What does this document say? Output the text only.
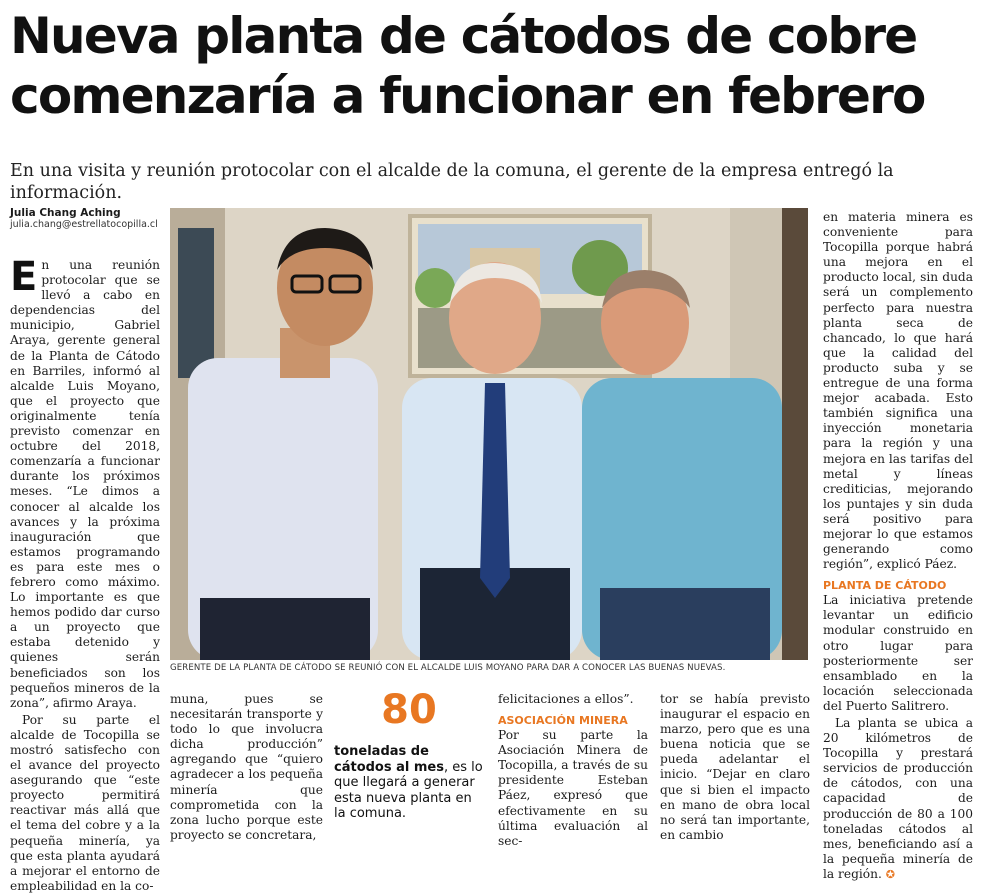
Nueva planta de cátodos de cobre
comenzaría a funcionar en febrero
En una visita y reunión protocolar con el alcalde de la comuna, el gerente de la empresa entregó la información.
Julia Chang Aching
julia.chang@estrellatocopilla.cl

En una reunión protocolar que se llevó a cabo en dependencias del municipio, Gabriel Araya, gerente general de la Planta de Cátodo en Barriles, informó al alcalde Luis Moyano, que el proyecto que originalmente tenía previsto comenzar en octubre del 2018, comenzaría a funcionar durante los próximos meses. “Le dimos a conocer al alcalde los avances y la próxima inauguración que estamos programando es para este mes o febrero como máximo. Lo importante es que hemos podido dar curso a un proyecto que estaba detenido y quienes serán beneficiados son los pequeños mineros de la zona”, afirmo Araya.

Por su parte el alcalde de Tocopilla se mostró satisfecho con el avance del proyecto asegurando que “este proyecto permitirá reactivar más allá que el tema del cobre y a la pequeña minería, ya que esta planta ayudará a mejorar el entorno de empleabilidad en la co-

GERENTE DE LA PLANTA DE CÁTODO SE REUNIÓ CON EL ALCALDE LUIS MOYANO PARA DAR A CONOCER LAS BUENAS NUEVAS.

muna, pues se necesitarán transporte y todo lo que involucra dicha producción” agregando que “quiero agradecer a los pequeña minería que comprometida con la zona lucho porque este proyecto se concretara,

80
toneladas de cátodos al mes, es lo que llegará a generar esta nueva planta en la comuna.

felicitaciones a ellos”.

ASOCIACIÓN MINERA

Por su parte la Asociación Minera de Tocopilla, a través de su presidente Esteban Páez, expresó que efectivamente en su última evaluación al sec-

tor se había previsto inaugurar el espacio en marzo, pero que es una buena noticia que se pueda adelantar el inicio. “Dejar en claro que si bien el impacto en mano de obra local no será tan importante, en cambio

en materia minera es conveniente para Tocopilla porque habrá una mejora en el producto local, sin duda será un complemento perfecto para nuestra planta seca de chancado, lo que hará que la calidad del producto suba y se entregue de una forma mejor acabada. Esto también significa una inyección monetaria para la región y una mejora en las tarifas del metal y líneas crediticias, mejorando los puntajes y sin duda será positivo para mejorar lo que estamos generando como región”, explicó Páez.

PLANTA DE CÁTODO

La iniciativa pretende levantar un edificio modular construido en otro lugar para posteriormente ser ensamblado en la locación seleccionada del Puerto Salitrero.

La planta se ubica a 20 kilómetros de Tocopilla y prestará servicios de producción de cátodos, con una capacidad de producción de 80 a 100 toneladas cátodos al mes, beneficiando así a la pequeña minería de la región. ✪
